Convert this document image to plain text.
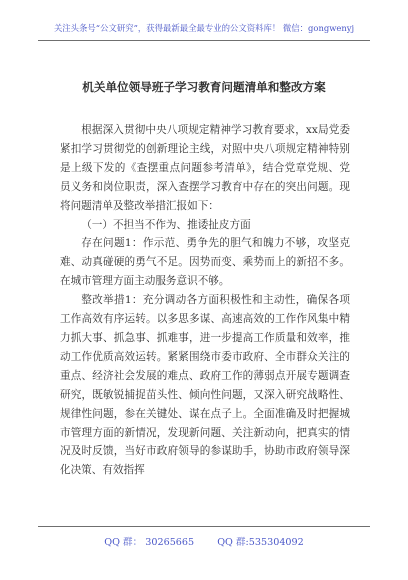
关注头条号“公文研究”，获得最新最全最专业的公文资料库！ 微信：gongwenyj
机关单位领导班子学习教育问题清单和整改方案

根据深入贯彻中央八项规定精神学习教育要求，xx局党委紧扣学习贯彻党的创新理论主线，对照中央八项规定精神特别是上级下发的《查摆重点问题参考清单》，结合党章党规、党员义务和岗位职责，深入查摆学习教育中存在的突出问题。现将问题清单及整改举措汇报如下：

（一）不担当不作为、推诿扯皮方面

存在问题1：作示范、勇争先的胆气和魄力不够，攻坚克难、动真碰硬的勇气不足。因势而变、乘势而上的新招不多。在城市管理方面主动服务意识不够。

整改举措1：充分调动各方面积极性和主动性，确保各项工作高效有序运转。以多思多谋、高速高效的工作作风集中精力抓大事、抓急事、抓难事，进一步提高工作质量和效率，推动工作优质高效运转。紧紧围绕市委市政府、全市群众关注的重点、经济社会发展的难点、政府工作的薄弱点开展专题调查研究，既敏锐捕捉苗头性、倾向性问题，又深入研究战略性、规律性问题，参在关键处、谋在点子上。全面准确及时把握城市管理方面的新情况，发现新问题、关注新动向，把真实的情况及时反馈，当好市政府领导的参谋助手，协助市政府领导深化决策、有效指挥

QQ 群： 30265665 QQ 群:535304092
